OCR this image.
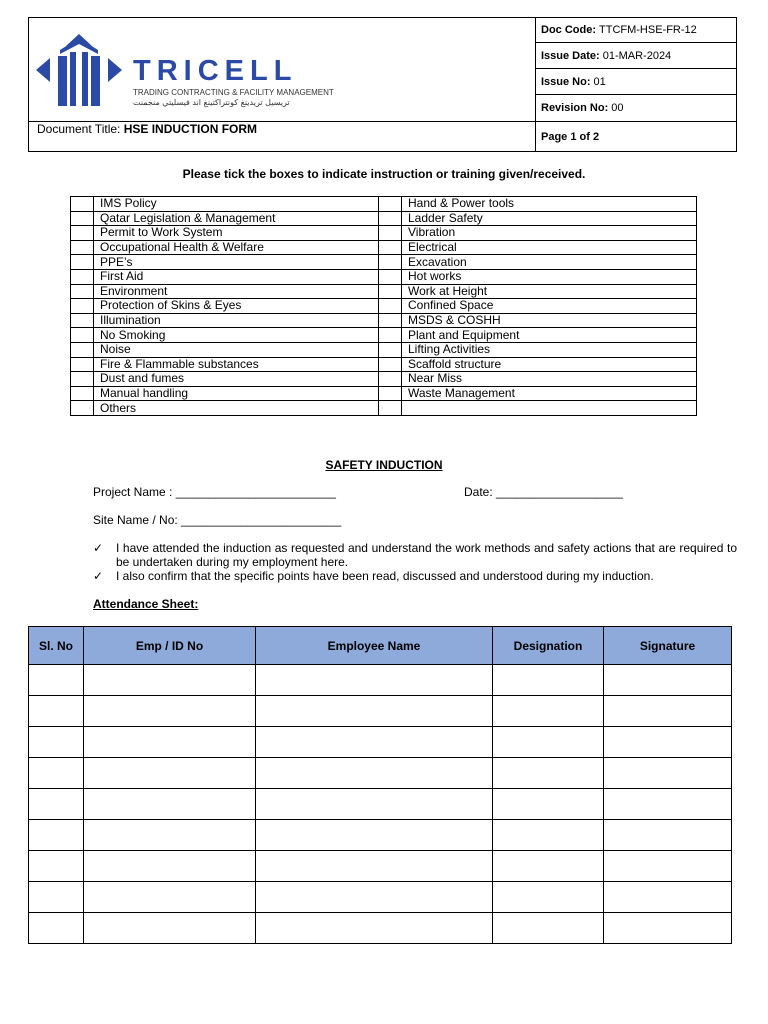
TRICELL
TRADING CONTRACTING & FACILITY MANAGEMENT
تريسيل تريدينغ كونتراكتينغ اند فيسليتي منجمنت
Document Title: HSE INDUCTION FORM
Doc Code: TTCFM-HSE-FR-12
Issue Date: 01-MAR-2024
Issue No: 01
Revision No: 00
Page 1 of 2
Please tick the boxes to indicate instruction or training given/received.
	IMS Policy		Hand & Power tools
	Qatar Legislation & Management		Ladder Safety
	Permit to Work System		Vibration
	Occupational Health & Welfare		Electrical
	PPE’s		Excavation
	First Aid		Hot works
	Environment		Work at Height
	Protection of Skins & Eyes		Confined Space
	Illumination		MSDS & COSHH
	No Smoking		Plant and Equipment
	Noise		Lifting Activities
	Fire & Flammable substances		Scaffold structure
	Dust and fumes		Near Miss
	Manual handling		Waste Management
	Others		
SAFETY INDUCTION
Project Name : ________________________	Date: ___________________
Site Name / No: ________________________
✓ I have attended the induction as requested and understand the work methods and safety actions that are required to be undertaken during my employment here.
✓ I also confirm that the specific points have been read, discussed and understood during my induction.
Attendance Sheet:
Sl. No	Emp / ID No	Employee Name	Designation	Signature
